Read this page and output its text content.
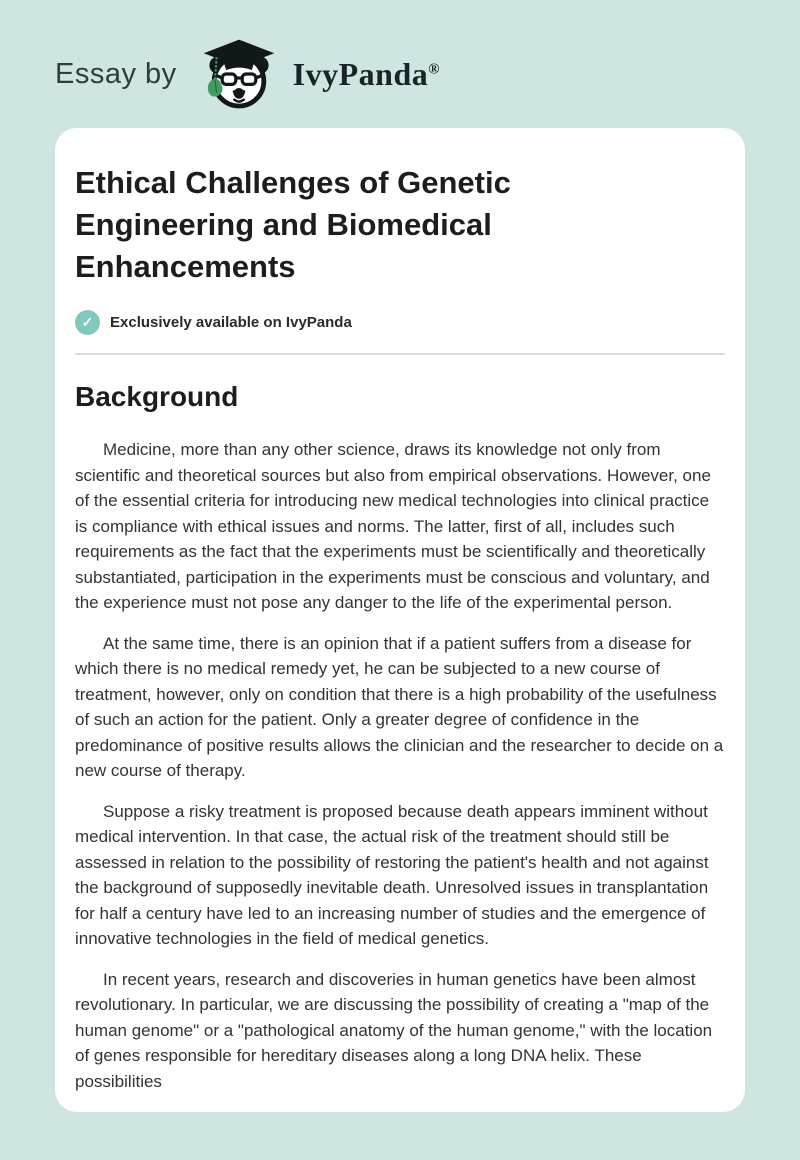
Essay by	IvyPanda®
Ethical Challenges of Genetic Engineering and Biomedical Enhancements
✓	Exclusively available on IvyPanda
Background

Medicine, more than any other science, draws its knowledge not only from scientific and theoretical sources but also from empirical observations. However, one of the essential criteria for introducing new medical technologies into clinical practice is compliance with ethical issues and norms. The latter, first of all, includes such requirements as the fact that the experiments must be scientifically and theoretically substantiated, participation in the experiments must be conscious and voluntary, and the experience must not pose any danger to the life of the experimental person.

At the same time, there is an opinion that if a patient suffers from a disease for which there is no medical remedy yet, he can be subjected to a new course of treatment, however, only on condition that there is a high probability of the usefulness of such an action for the patient. Only a greater degree of confidence in the predominance of positive results allows the clinician and the researcher to decide on a new course of therapy.

Suppose a risky treatment is proposed because death appears imminent without medical intervention. In that case, the actual risk of the treatment should still be assessed in relation to the possibility of restoring the patient's health and not against the background of supposedly inevitable death. Unresolved issues in transplantation for half a century have led to an increasing number of studies and the emergence of innovative technologies in the field of medical genetics.

In recent years, research and discoveries in human genetics have been almost revolutionary. In particular, we are discussing the possibility of creating a "map of the human genome" or a "pathological anatomy of the human genome," with the location of genes responsible for hereditary diseases along a long DNA helix. These possibilities
